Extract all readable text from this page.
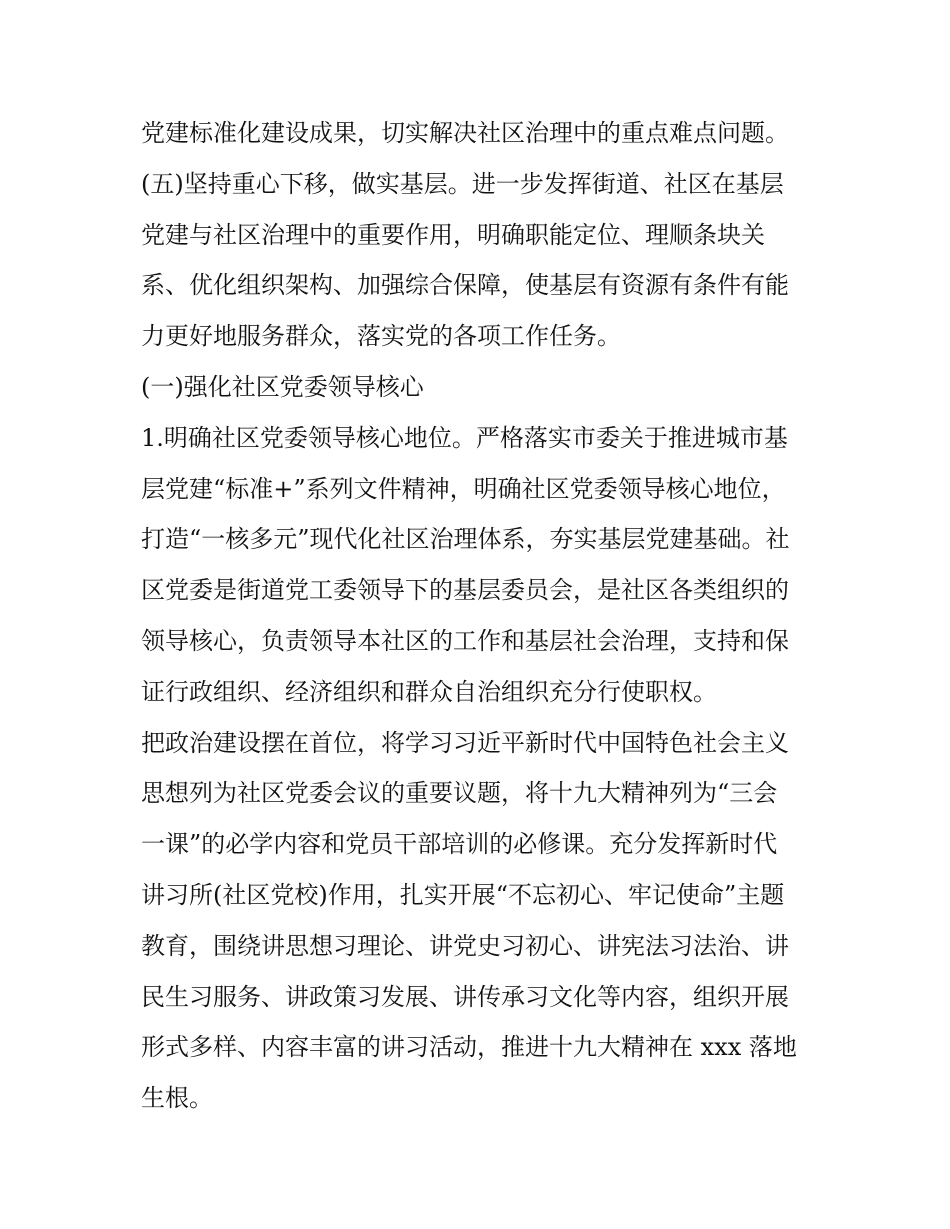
党建标准化建设成果，切实解决社区治理中的重点难点问题。
(五)坚持重心下移，做实基层。进一步发挥街道、社区在基层
党建与社区治理中的重要作用，明确职能定位、理顺条块关
系、优化组织架构、加强综合保障，使基层有资源有条件有能
力更好地服务群众，落实党的各项工作任务。
(一)强化社区党委领导核心
1.明确社区党委领导核心地位。严格落实市委关于推进城市基
层党建“标准+”系列文件精神，明确社区党委领导核心地位，
打造“一核多元”现代化社区治理体系，夯实基层党建基础。社
区党委是街道党工委领导下的基层委员会，是社区各类组织的
领导核心，负责领导本社区的工作和基层社会治理，支持和保
证行政组织、经济组织和群众自治组织充分行使职权。
把政治建设摆在首位，将学习习近平新时代中国特色社会主义
思想列为社区党委会议的重要议题，将十九大精神列为“三会
一课”的必学内容和党员干部培训的必修课。充分发挥新时代
讲习所(社区党校)作用，扎实开展“不忘初心、牢记使命”主题
教育，围绕讲思想习理论、讲党史习初心、讲宪法习法治、讲
民生习服务、讲政策习发展、讲传承习文化等内容，组织开展
形式多样、内容丰富的讲习活动，推进十九大精神在 xxx 落地
生根。
